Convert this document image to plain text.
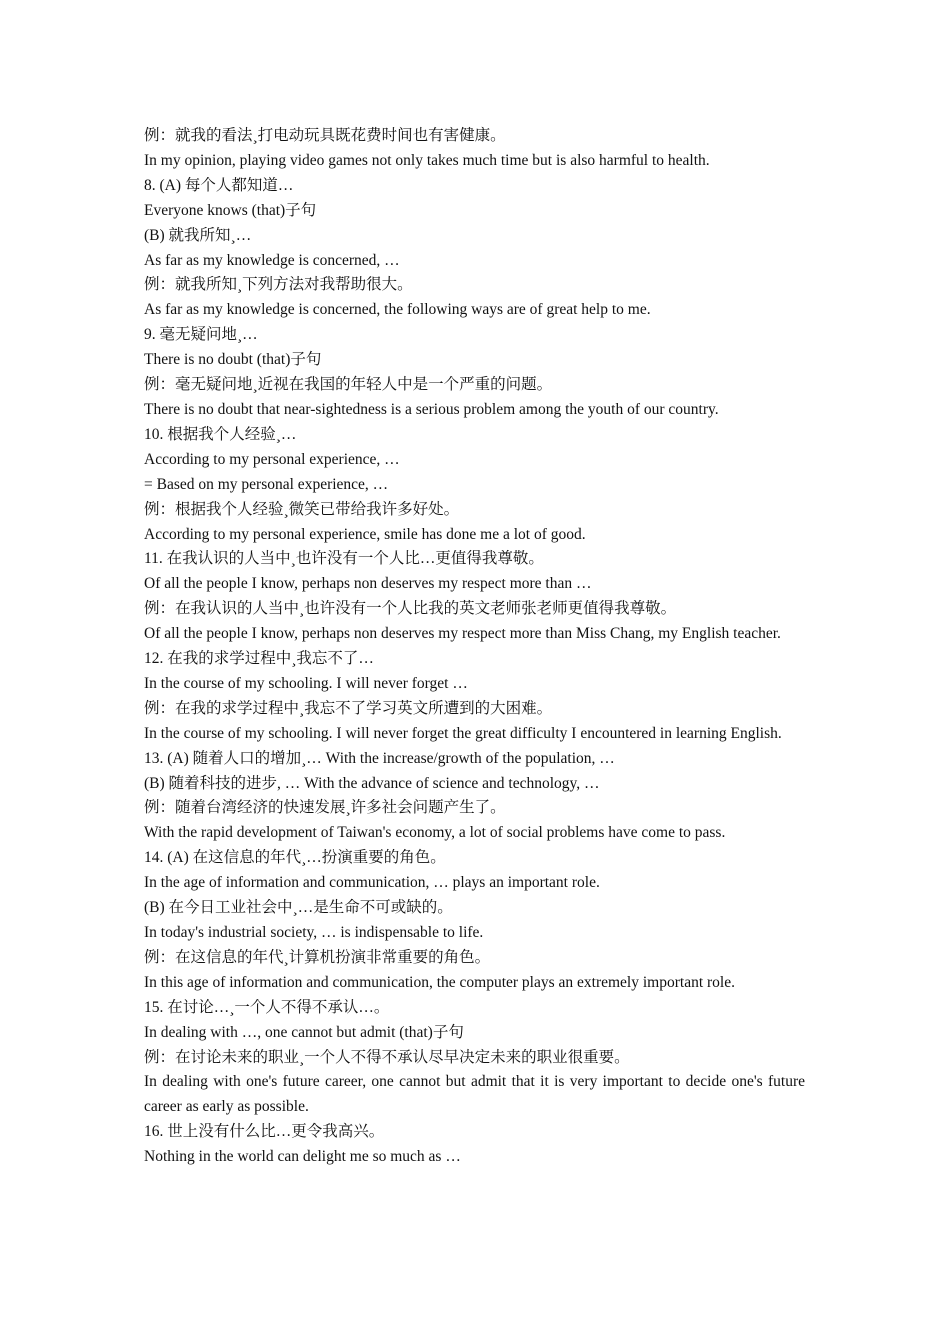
例：就我的看法¸打电动玩具既花费时间也有害健康。

In my opinion, playing video games not only takes much time but is also harmful to health.

8. (A) 每个人都知道…

Everyone knows (that)子句

(B) 就我所知¸…

As far as my knowledge is concerned, …

例：就我所知¸下列方法对我帮助很大。

As far as my knowledge is concerned, the following ways are of great help to me.

9. 毫无疑问地¸…

There is no doubt (that)子句

例：毫无疑问地¸近视在我国的年轻人中是一个严重的问题。

There is no doubt that near-sightedness is a serious problem among the youth of our country.

10. 根据我个人经验¸…

According to my personal experience, …

= Based on my personal experience, …

例：根据我个人经验¸微笑已带给我许多好处。

According to my personal experience, smile has done me a lot of good.

11. 在我认识的人当中¸也许没有一个人比…更值得我尊敬。

Of all the people I know, perhaps non deserves my respect more than …

例：在我认识的人当中¸也许没有一个人比我的英文老师张老师更值得我尊敬。

Of all the people I know, perhaps non deserves my respect more than Miss Chang, my English teacher.

12. 在我的求学过程中¸我忘不了…

In the course of my schooling. I will never forget …

例：在我的求学过程中¸我忘不了学习英文所遭到的大困难。

In the course of my schooling. I will never forget the great difficulty I encountered in learning English.

13. (A) 随着人口的增加¸… With the increase/growth of the population, …

(B) 随着科技的进步, … With the advance of science and technology, …

例：随着台湾经济的快速发展¸许多社会问题产生了。

With the rapid development of Taiwan's economy, a lot of social problems have come to pass.

14. (A) 在这信息的年代¸…扮演重要的角色。

In the age of information and communication, … plays an important role.

(B) 在今日工业社会中¸…是生命不可或缺的。

In today's industrial society, … is indispensable to life.

例：在这信息的年代¸计算机扮演非常重要的角色。

In this age of information and communication, the computer plays an extremely important role.

15. 在讨论…¸一个人不得不承认…。

In dealing with …, one cannot but admit (that)子句

例：在讨论未来的职业¸一个人不得不承认尽早决定未来的职业很重要。

In dealing with one's future career, one cannot but admit that it is very important to decide one's future career as early as possible.

16. 世上没有什么比…更令我高兴。

Nothing in the world can delight me so much as …
